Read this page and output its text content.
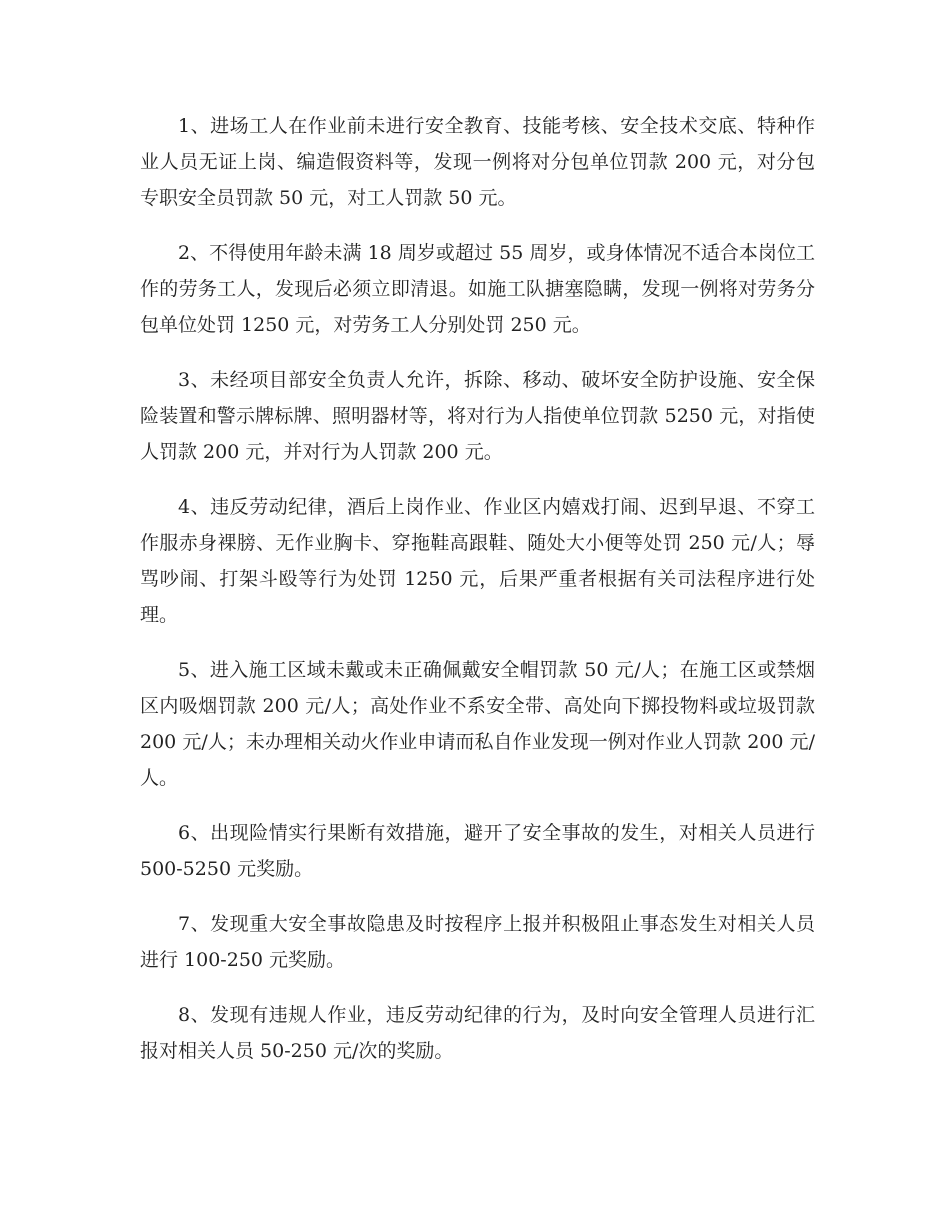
1、进场工人在作业前未进行安全教育、技能考核、安全技术交底、特种作业人员无证上岗、编造假资料等，发现一例将对分包单位罚款 200 元，对分包专职安全员罚款 50 元，对工人罚款 50 元。

2、不得使用年龄未满 18 周岁或超过 55 周岁，或身体情况不适合本岗位工作的劳务工人，发现后必须立即清退。如施工队搪塞隐瞒，发现一例将对劳务分包单位处罚 1250 元，对劳务工人分别处罚 250 元。

3、未经项目部安全负责人允许，拆除、移动、破坏安全防护设施、安全保险装置和警示牌标牌、照明器材等，将对行为人指使单位罚款 5250 元，对指使人罚款 200 元，并对行为人罚款 200 元。

4、违反劳动纪律，酒后上岗作业、作业区内嬉戏打闹、迟到早退、不穿工作服赤身裸膀、无作业胸卡、穿拖鞋高跟鞋、随处大小便等处罚 250 元/人；辱骂吵闹、打架斗殴等行为处罚 1250 元，后果严重者根据有关司法程序进行处理。

5、进入施工区域未戴或未正确佩戴安全帽罚款 50 元/人；在施工区或禁烟区内吸烟罚款 200 元/人；高处作业不系安全带、高处向下掷投物料或垃圾罚款 200 元/人；未办理相关动火作业申请而私自作业发现一例对作业人罚款 200 元/人。

6、出现险情实行果断有效措施，避开了安全事故的发生，对相关人员进行 500-5250 元奖励。

7、发现重大安全事故隐患及时按程序上报并积极阻止事态发生对相关人员进行 100-250 元奖励。

8、发现有违规人作业，违反劳动纪律的行为，及时向安全管理人员进行汇报对相关人员 50-250 元/次的奖励。
